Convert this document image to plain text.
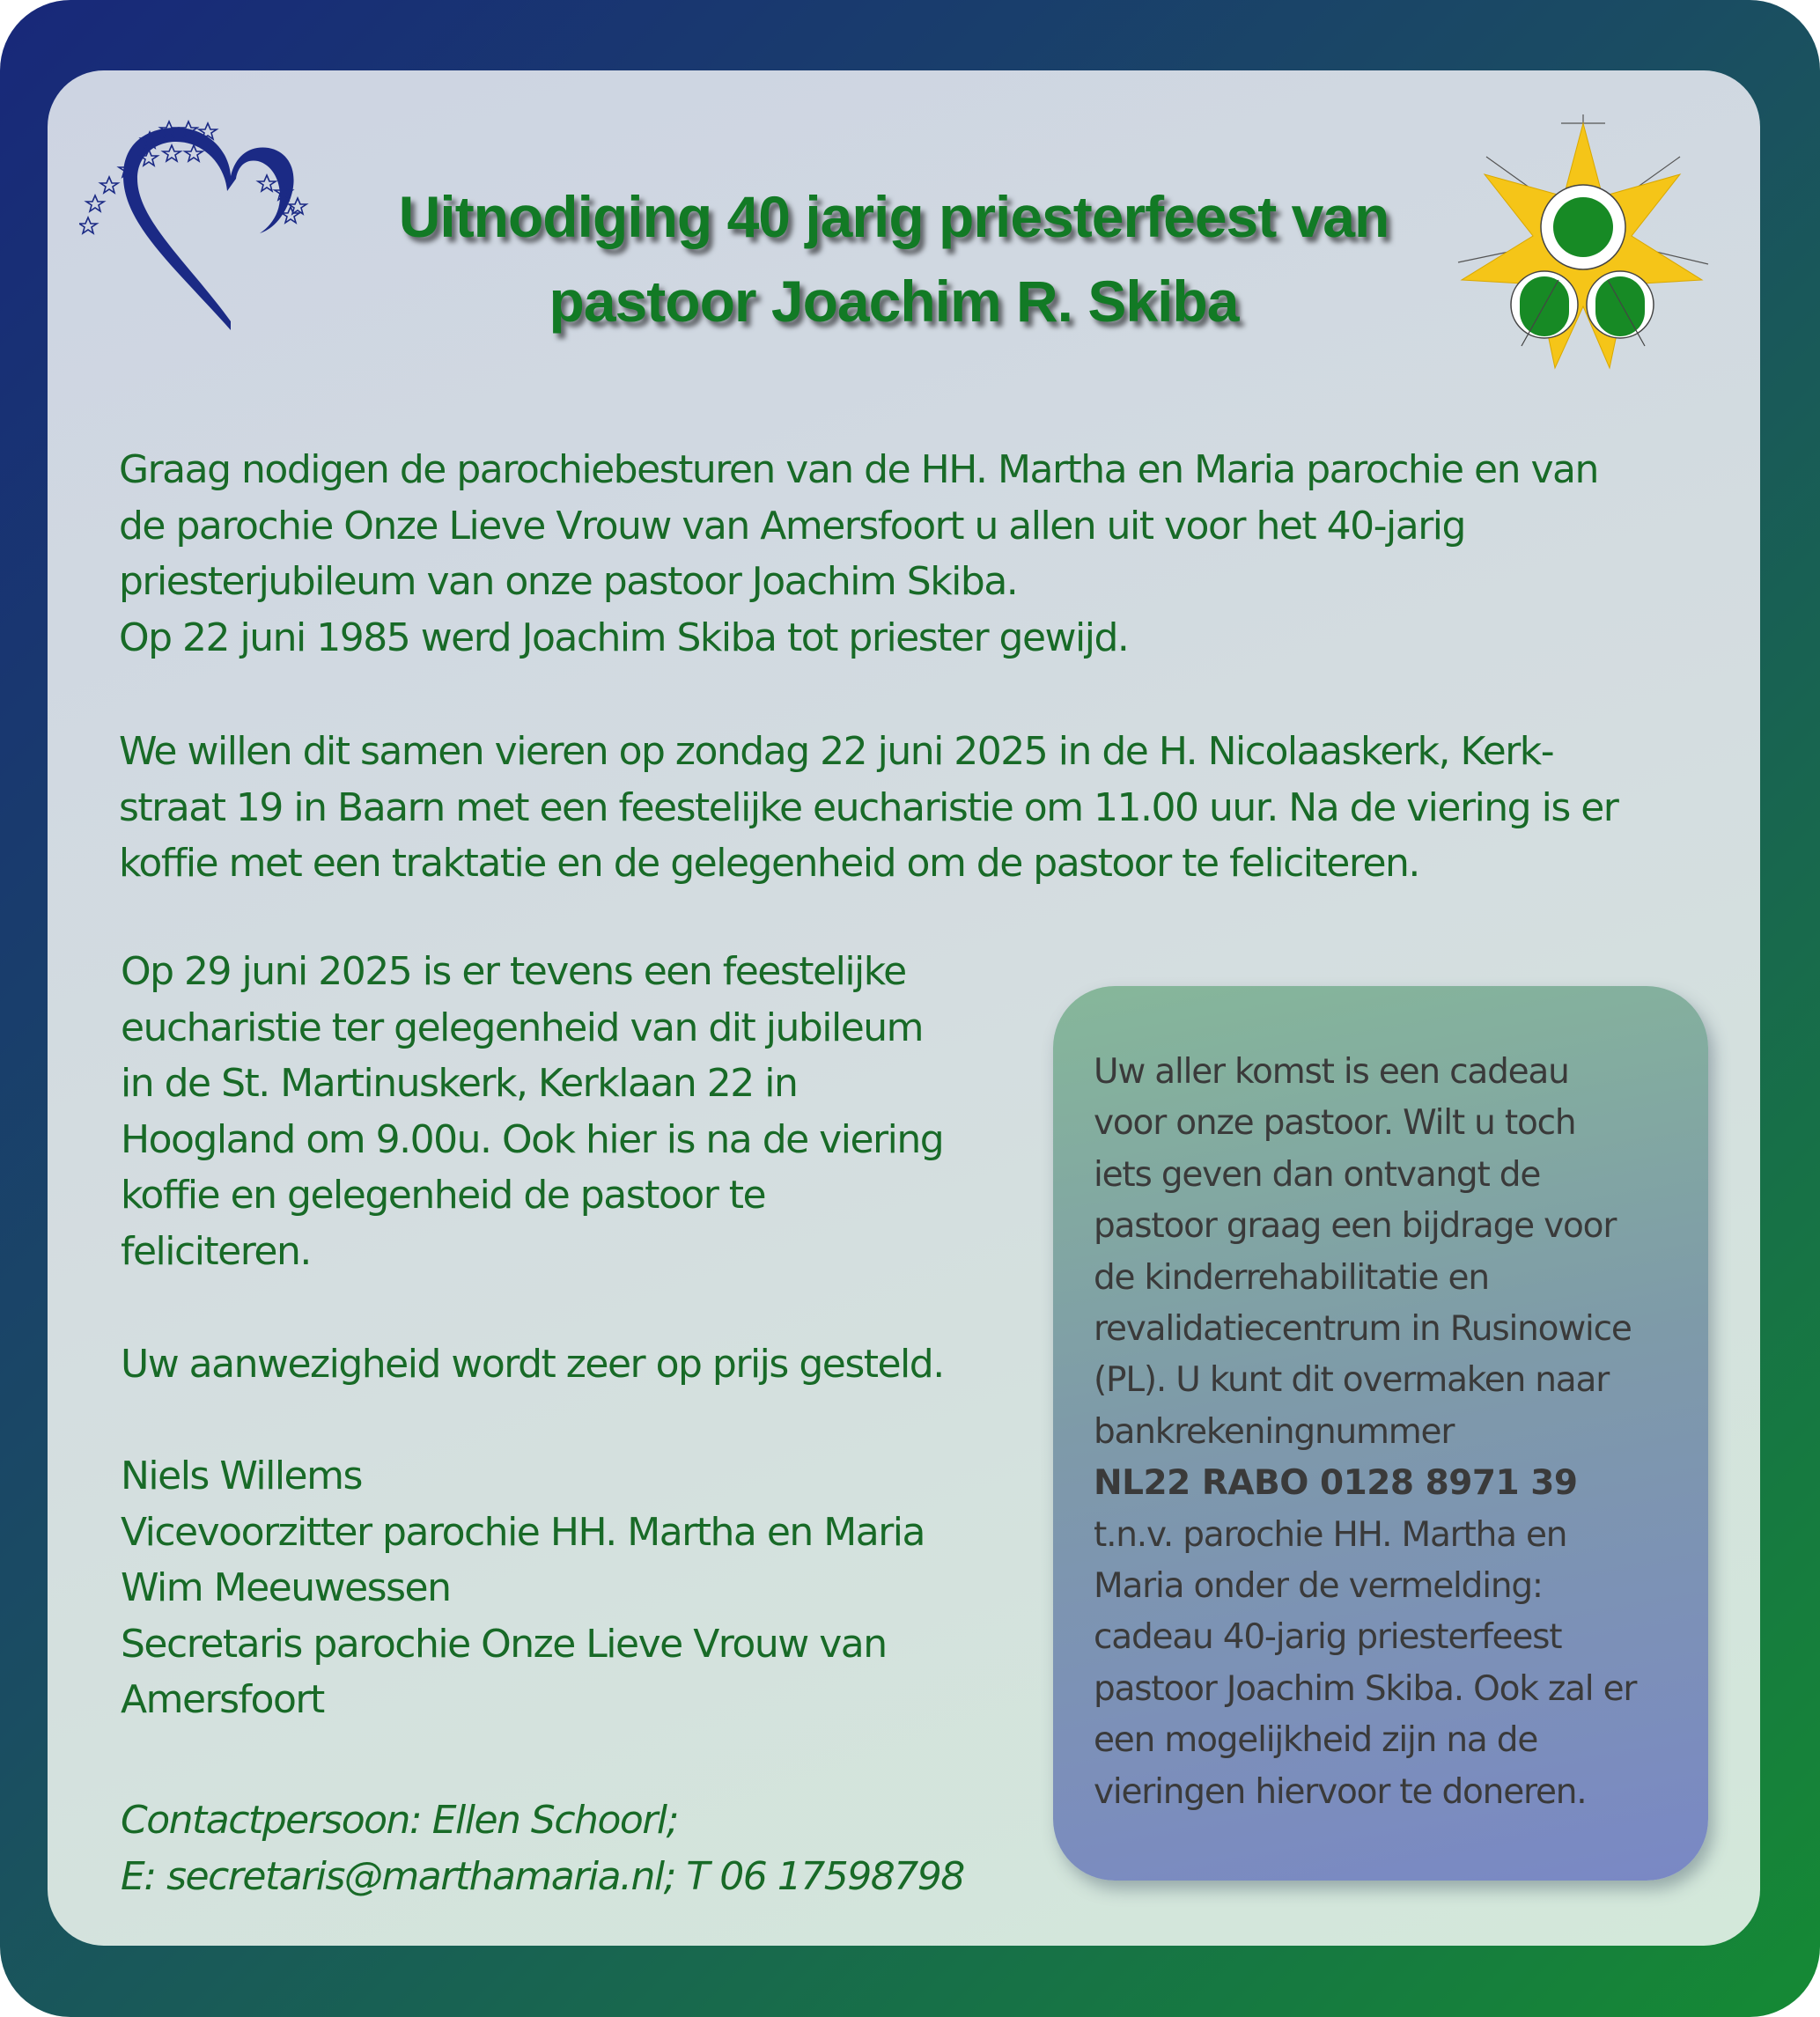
Uitnodiging 40 jarig priesterfeest van
pastoor Joachim R. Skiba
Graag nodigen de parochiebesturen van de HH. Martha en Maria parochie en van
de parochie Onze Lieve Vrouw van Amersfoort u allen uit voor het 40-jarig
priesterjubileum van onze pastoor Joachim Skiba.
Op 22 juni 1985 werd Joachim Skiba tot priester gewijd.
We willen dit samen vieren op zondag 22 juni 2025 in de H. Nicolaaskerk, Kerk-
straat 19 in Baarn met een feestelijke eucharistie om 11.00 uur. Na de viering is er
koffie met een traktatie en de gelegenheid om de pastoor te feliciteren.
Op 29 juni 2025 is er tevens een feestelijke
eucharistie ter gelegenheid van dit jubileum
in de St. Martinuskerk, Kerklaan 22 in
Hoogland om 9.00u. Ook hier is na de viering
koffie en gelegenheid de pastoor te
feliciteren.
Uw aanwezigheid wordt zeer op prijs gesteld.
Niels Willems
Vicevoorzitter parochie HH. Martha en Maria
Wim Meeuwessen
Secretaris parochie Onze Lieve Vrouw van
Amersfoort
Contactpersoon: Ellen Schoorl;
E: secretaris@marthamaria.nl; T 06 17598798
Uw aller komst is een cadeau
voor onze pastoor. Wilt u toch
iets geven dan ontvangt de
pastoor graag een bijdrage voor
de kinderrehabilitatie en
revalidatiecentrum in Rusinowice
(PL). U kunt dit overmaken naar
bankrekeningnummer
NL22 RABO 0128 8971 39
t.n.v. parochie HH. Martha en
Maria onder de vermelding:
cadeau 40-jarig priesterfeest
pastoor Joachim Skiba. Ook zal er
een mogelijkheid zijn na de
vieringen hiervoor te doneren.
